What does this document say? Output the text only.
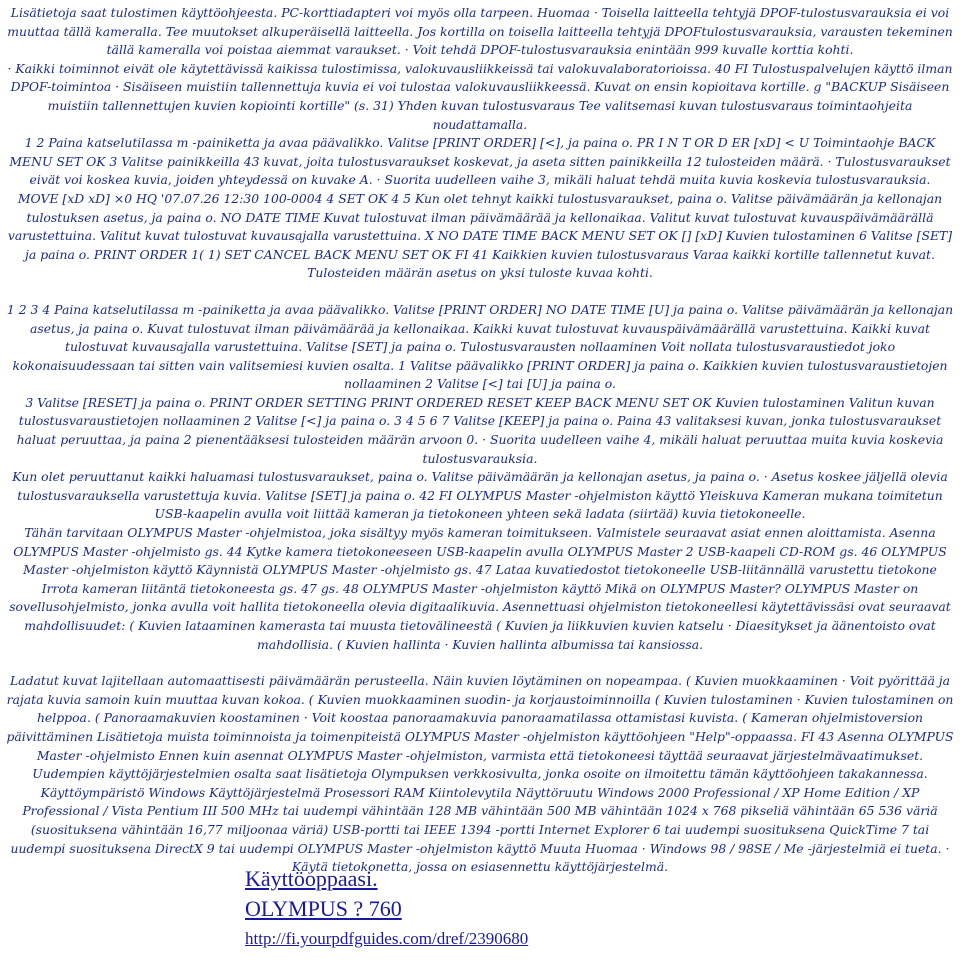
Lisätietoja saat tulostimen käyttöohjeesta. PC-korttiadapteri voi myös olla tarpeen. Huomaa · Toisella laitteella tehtyjä DPOF-tulostusvarauksia ei voi muuttaa tällä kameralla. Tee muutokset alkuperäisellä laitteella. Jos kortilla on toisella laitteella tehtyjä DPOFtulostusvarauksia, varausten tekeminen tällä kameralla voi poistaa aiemmat varaukset. · Voit tehdä DPOF-tulostusvarauksia enintään 999 kuvalle korttia kohti.

· Kaikki toiminnot eivät ole käytettävissä kaikissa tulostimissa, valokuvausliikkeissä tai valokuvalaboratorioissa. 40 FI Tulostuspalvelujen käyttö ilman DPOF-toimintoa · Sisäiseen muistiin tallennettuja kuvia ei voi tulostaa valokuvausliikkeessä. Kuvat on ensin kopioitava kortille. g "BACKUP Sisäiseen muistiin tallennettujen kuvien kopiointi kortille" (s. 31) Yhden kuvan tulostusvaraus Tee valitsemasi kuvan tulostusvaraus toimintaohjeita noudattamalla.

1 2 Paina katselutilassa m -painiketta ja avaa päävalikko. Valitse [PRINT ORDER] [<], ja paina o. PR I N T OR D ER [xD] < U Toimintaohje BACK MENU SET OK 3 Valitse painikkeilla 43 kuvat, joita tulostusvaraukset koskevat, ja aseta sitten painikkeilla 12 tulosteiden määrä. · Tulostusvaraukset eivät voi koskea kuvia, joiden yhteydessä on kuvake A. · Suorita uudelleen vaihe 3, mikäli haluat tehdä muita kuvia koskevia tulostusvarauksia.

MOVE [xD xD] ×0 HQ '07.07.26 12:30 100-0004 4 SET OK 4 5 Kun olet tehnyt kaikki tulostusvaraukset, paina o. Valitse päivämäärän ja kellonajan tulostuksen asetus, ja paina o. NO DATE TIME Kuvat tulostuvat ilman päivämäärää ja kellonaikaa. Valitut kuvat tulostuvat kuvauspäivämäärällä varustettuina. Valitut kuvat tulostuvat kuvausajalla varustettuina. X NO DATE TIME BACK MENU SET OK [] [xD] Kuvien tulostaminen 6 Valitse [SET] ja paina o. PRINT ORDER 1( 1) SET CANCEL BACK MENU SET OK FI 41 Kaikkien kuvien tulostusvaraus Varaa kaikki kortille tallennetut kuvat. Tulosteiden määrän asetus on yksi tuloste kuvaa kohti.

1 2 3 4 Paina katselutilassa m -painiketta ja avaa päävalikko. Valitse [PRINT ORDER] NO DATE TIME [U] ja paina o. Valitse päivämäärän ja kellonajan asetus, ja paina o. Kuvat tulostuvat ilman päivämäärää ja kellonaikaa. Kaikki kuvat tulostuvat kuvauspäivämäärällä varustettuina. Kaikki kuvat tulostuvat kuvausajalla varustettuina. Valitse [SET] ja paina o. Tulostusvarausten nollaaminen Voit nollata tulostusvaraustiedot joko kokonaisuudessaan tai sitten vain valitsemiesi kuvien osalta. 1 Valitse päävalikko [PRINT ORDER] ja paina o. Kaikkien kuvien tulostusvaraustietojen nollaaminen 2 Valitse [<] tai [U] ja paina o.

3 Valitse [RESET] ja paina o. PRINT ORDER SETTING PRINT ORDERED RESET KEEP BACK MENU SET OK Kuvien tulostaminen Valitun kuvan tulostusvaraustietojen nollaaminen 2 Valitse [<] ja paina o. 3 4 5 6 7 Valitse [KEEP] ja paina o. Paina 43 valitaksesi kuvan, jonka tulostusvaraukset haluat peruuttaa, ja paina 2 pienentääksesi tulosteiden määrän arvoon 0. · Suorita uudelleen vaihe 4, mikäli haluat peruuttaa muita kuvia koskevia tulostusvarauksia.

Kun olet peruuttanut kaikki haluamasi tulostusvaraukset, paina o. Valitse päivämäärän ja kellonajan asetus, ja paina o. · Asetus koskee jäljellä olevia tulostusvarauksella varustettuja kuvia. Valitse [SET] ja paina o. 42 FI OLYMPUS Master -ohjelmiston käyttö Yleiskuva Kameran mukana toimitetun USB-kaapelin avulla voit liittää kameran ja tietokoneen yhteen sekä ladata (siirtää) kuvia tietokoneelle.

Tähän tarvitaan OLYMPUS Master -ohjelmistoa, joka sisältyy myös kameran toimitukseen. Valmistele seuraavat asiat ennen aloittamista. Asenna OLYMPUS Master -ohjelmisto gs. 44 Kytke kamera tietokoneeseen USB-kaapelin avulla OLYMPUS Master 2 USB-kaapeli CD-ROM gs. 46 OLYMPUS Master -ohjelmiston käyttö Käynnistä OLYMPUS Master -ohjelmisto gs. 47 Lataa kuvatiedostot tietokoneelle USB-liitännällä varustettu tietokone Irrota kameran liitäntä tietokoneesta gs. 47 gs. 48 OLYMPUS Master -ohjelmiston käyttö Mikä on OLYMPUS Master? OLYMPUS Master on sovellusohjelmisto, jonka avulla voit hallita tietokoneella olevia digitaalikuvia. Asennettuasi ohjelmiston tietokoneellesi käytettävissäsi ovat seuraavat mahdollisuudet: ( Kuvien lataaminen kamerasta tai muusta tietovälineestä ( Kuvien ja liikkuvien kuvien katselu · Diaesitykset ja äänentoisto ovat mahdollisia. ( Kuvien hallinta · Kuvien hallinta albumissa tai kansiossa.

Ladatut kuvat lajitellaan automaattisesti päivämäärän perusteella. Näin kuvien löytäminen on nopeampaa. ( Kuvien muokkaaminen · Voit pyörittää ja rajata kuvia samoin kuin muuttaa kuvan kokoa. ( Kuvien muokkaaminen suodin- ja korjaustoiminnoilla ( Kuvien tulostaminen · Kuvien tulostaminen on helppoa. ( Panoraamakuvien koostaminen · Voit koostaa panoraamakuvia panoraamatilassa ottamistasi kuvista. ( Kameran ohjelmistoversion päivittäminen Lisätietoja muista toiminnoista ja toimenpiteistä OLYMPUS Master -ohjelmiston käyttöohjeen "Help"-oppaassa. FI 43 Asenna OLYMPUS Master -ohjelmisto Ennen kuin asennat OLYMPUS Master -ohjelmiston, varmista että tietokoneesi täyttää seuraavat järjestelmävaatimukset. Uudempien käyttöjärjestelmien osalta saat lisätietoja Olympuksen verkkosivulta, jonka osoite on ilmoitettu tämän käyttöohjeen takakannessa. Käyttöympäristö Windows Käyttöjärjestelmä Prosessori RAM Kiintolevytila Näyttöruutu Windows 2000 Professional / XP Home Edition / XP Professional / Vista Pentium III 500 MHz tai uudempi vähintään 128 MB vähintään 500 MB vähintään 1024 x 768 pikseliä vähintään 65 536 väriä (suosituksena vähintään 16,77 miljoonaa väriä) USB-portti tai IEEE 1394 -portti Internet Explorer 6 tai uudempi suosituksena QuickTime 7 tai uudempi suosituksena DirectX 9 tai uudempi OLYMPUS Master -ohjelmiston käyttö Muuta Huomaa · Windows 98 / 98SE / Me -järjestelmiä ei tueta. · Käytä tietokonetta, jossa on esiasennettu käyttöjärjestelmä.

Käyttöoppaasi.
OLYMPUS ? 760
http://fi.yourpdfguides.com/dref/2390680
